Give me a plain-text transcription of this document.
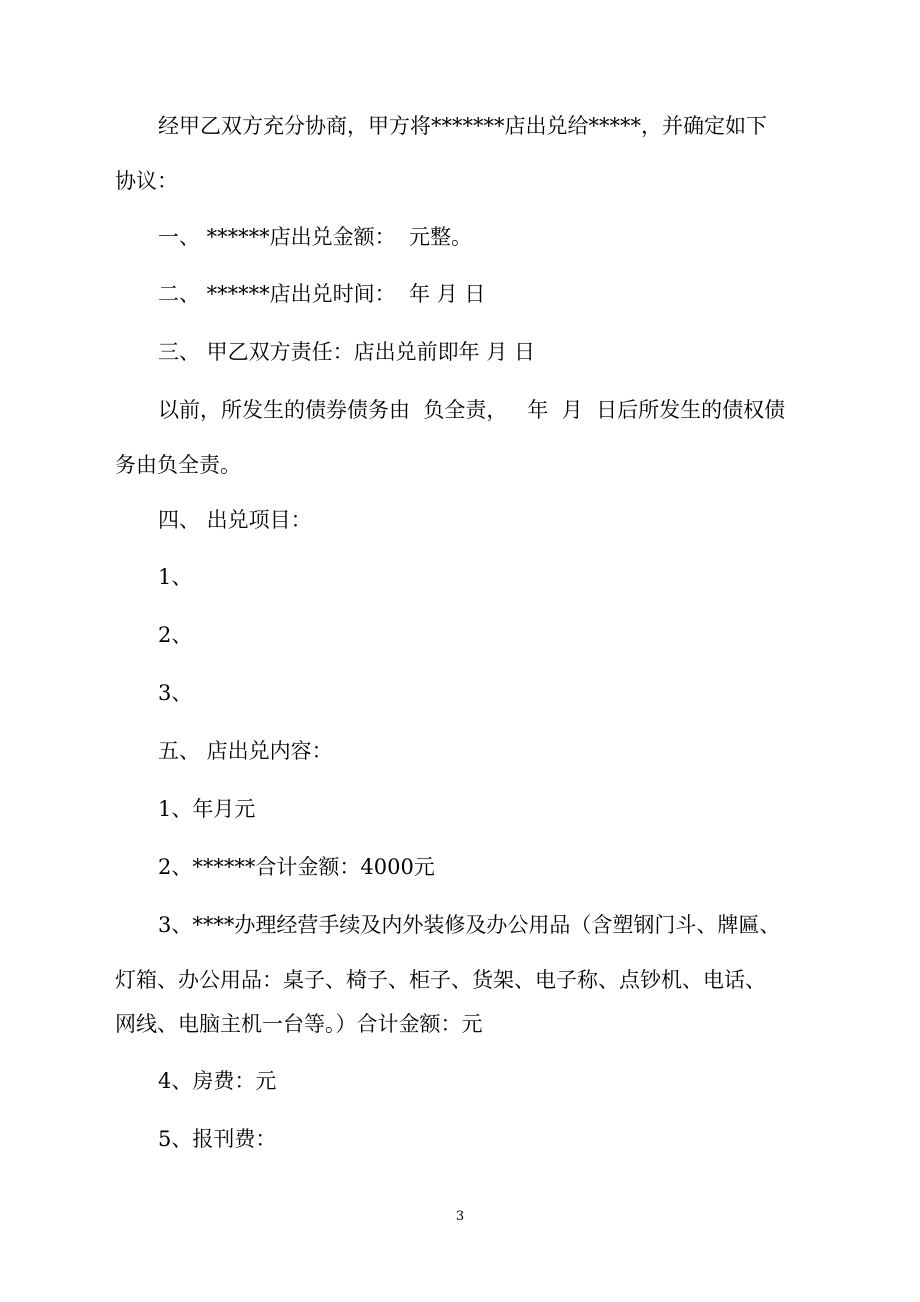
经甲乙双方充分协商，甲方将*******店出兑给*****，并确定如下

协议：

一、 ******店出兑金额：  元整。

二、 ******店出兑时间：  年 月 日

三、 甲乙双方责任：店出兑前即年 月 日

以前，所发生的债券债务由  负全责，   年  月  日后所发生的债权债

务由负全责。

四、 出兑项目：

1、

2、

3、

五、 店出兑内容：

1、年月元

2、******合计金额：4000元

3、****办理经营手续及内外装修及办公用品（含塑钢门斗、牌匾、

灯箱、办公用品：桌子、椅子、柜子、货架、电子称、点钞机、电话、

网线、电脑主机一台等。）合计金额：元

4、房费：元

5、报刊费：

3
